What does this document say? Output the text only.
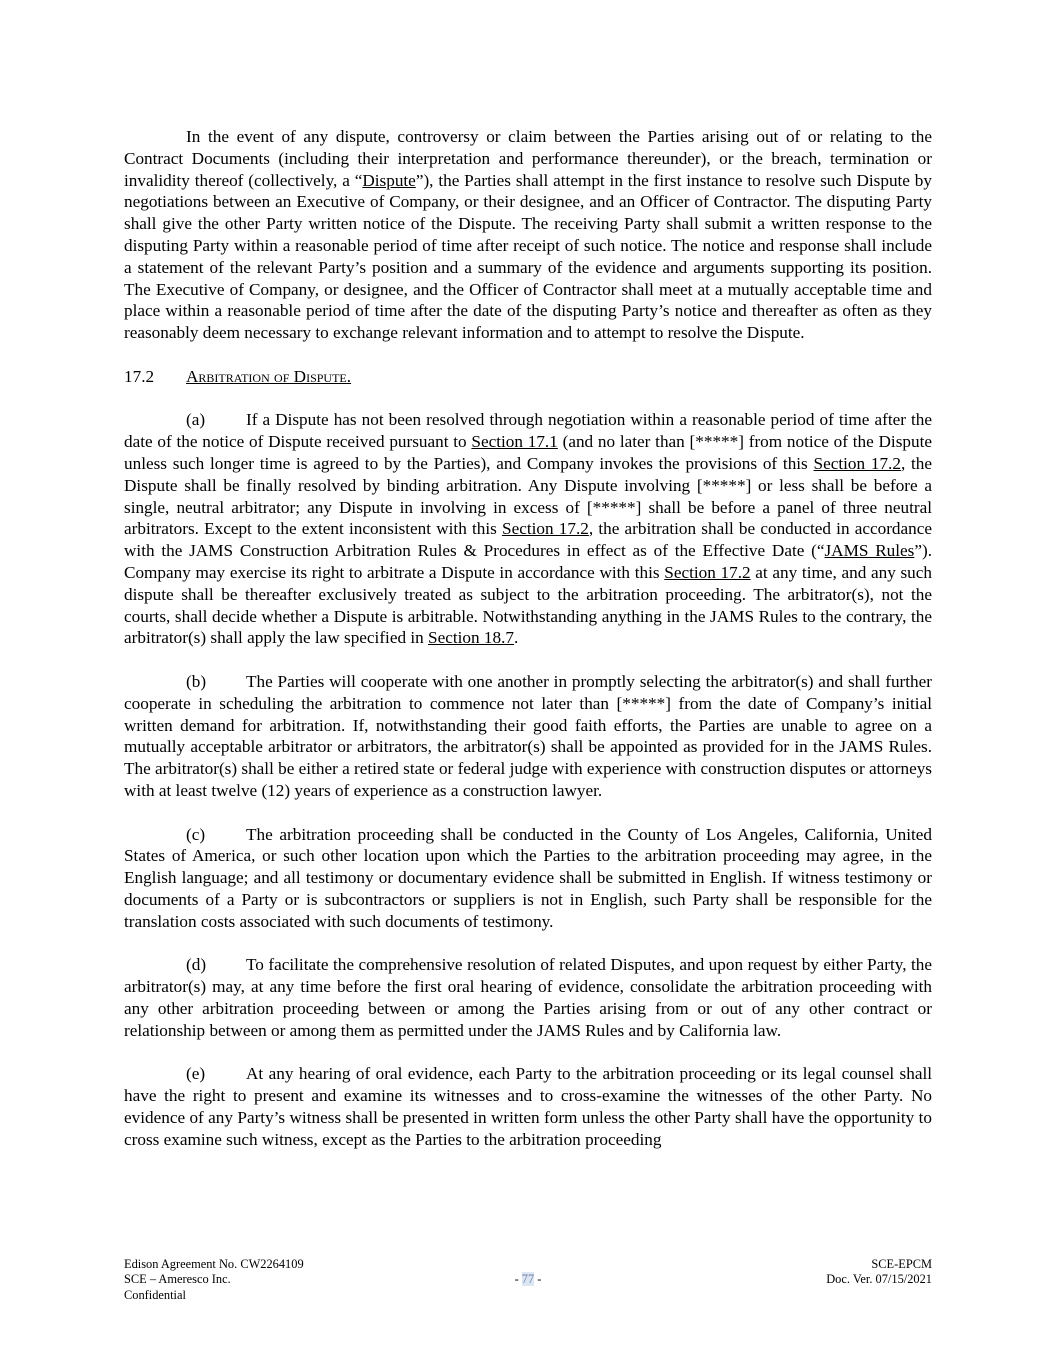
In the event of any dispute, controversy or claim between the Parties arising out of or relating to the Contract Documents (including their interpretation and performance thereunder), or the breach, termination or invalidity thereof (collectively, a “Dispute”), the Parties shall attempt in the first instance to resolve such Dispute by negotiations between an Executive of Company, or their designee, and an Officer of Contractor. The disputing Party shall give the other Party written notice of the Dispute. The receiving Party shall submit a written response to the disputing Party within a reasonable period of time after receipt of such notice. The notice and response shall include a statement of the relevant Party’s position and a summary of the evidence and arguments supporting its position. The Executive of Company, or designee, and the Officer of Contractor shall meet at a mutually acceptable time and place within a reasonable period of time after the date of the disputing Party’s notice and thereafter as often as they reasonably deem necessary to exchange relevant information and to attempt to resolve the Dispute.

17.2 Arbitration of Dispute.

(a) If a Dispute has not been resolved through negotiation within a reasonable period of time after the date of the notice of Dispute received pursuant to Section 17.1 (and no later than [*****] from notice of the Dispute unless such longer time is agreed to by the Parties), and Company invokes the provisions of this Section 17.2, the Dispute shall be finally resolved by binding arbitration. Any Dispute involving [*****] or less shall be before a single, neutral arbitrator; any Dispute in involving in excess of [*****] shall be before a panel of three neutral arbitrators. Except to the extent inconsistent with this Section 17.2, the arbitration shall be conducted in accordance with the JAMS Construction Arbitration Rules & Procedures in effect as of the Effective Date (“JAMS Rules”). Company may exercise its right to arbitrate a Dispute in accordance with this Section 17.2 at any time, and any such dispute shall be thereafter exclusively treated as subject to the arbitration proceeding. The arbitrator(s), not the courts, shall decide whether a Dispute is arbitrable. Notwithstanding anything in the JAMS Rules to the contrary, the arbitrator(s) shall apply the law specified in Section 18.7.

(b) The Parties will cooperate with one another in promptly selecting the arbitrator(s) and shall further cooperate in scheduling the arbitration to commence not later than [*****] from the date of Company’s initial written demand for arbitration. If, notwithstanding their good faith efforts, the Parties are unable to agree on a mutually acceptable arbitrator or arbitrators, the arbitrator(s) shall be appointed as provided for in the JAMS Rules. The arbitrator(s) shall be either a retired state or federal judge with experience with construction disputes or attorneys with at least twelve (12) years of experience as a construction lawyer.

(c) The arbitration proceeding shall be conducted in the County of Los Angeles, California, United States of America, or such other location upon which the Parties to the arbitration proceeding may agree, in the English language; and all testimony or documentary evidence shall be submitted in English. If witness testimony or documents of a Party or is subcontractors or suppliers is not in English, such Party shall be responsible for the translation costs associated with such documents of testimony.

(d) To facilitate the comprehensive resolution of related Disputes, and upon request by either Party, the arbitrator(s) may, at any time before the first oral hearing of evidence, consolidate the arbitration proceeding with any other arbitration proceeding between or among the Parties arising from or out of any other contract or relationship between or among them as permitted under the JAMS Rules and by California law.

(e) At any hearing of oral evidence, each Party to the arbitration proceeding or its legal counsel shall have the right to present and examine its witnesses and to cross-examine the witnesses of the other Party. No evidence of any Party’s witness shall be presented in written form unless the other Party shall have the opportunity to cross examine such witness, except as the Parties to the arbitration proceeding

Edison Agreement No. CW2264109
SCE – Ameresco Inc.
Confidential
- 77 -
SCE-EPCM
Doc. Ver. 07/15/2021
